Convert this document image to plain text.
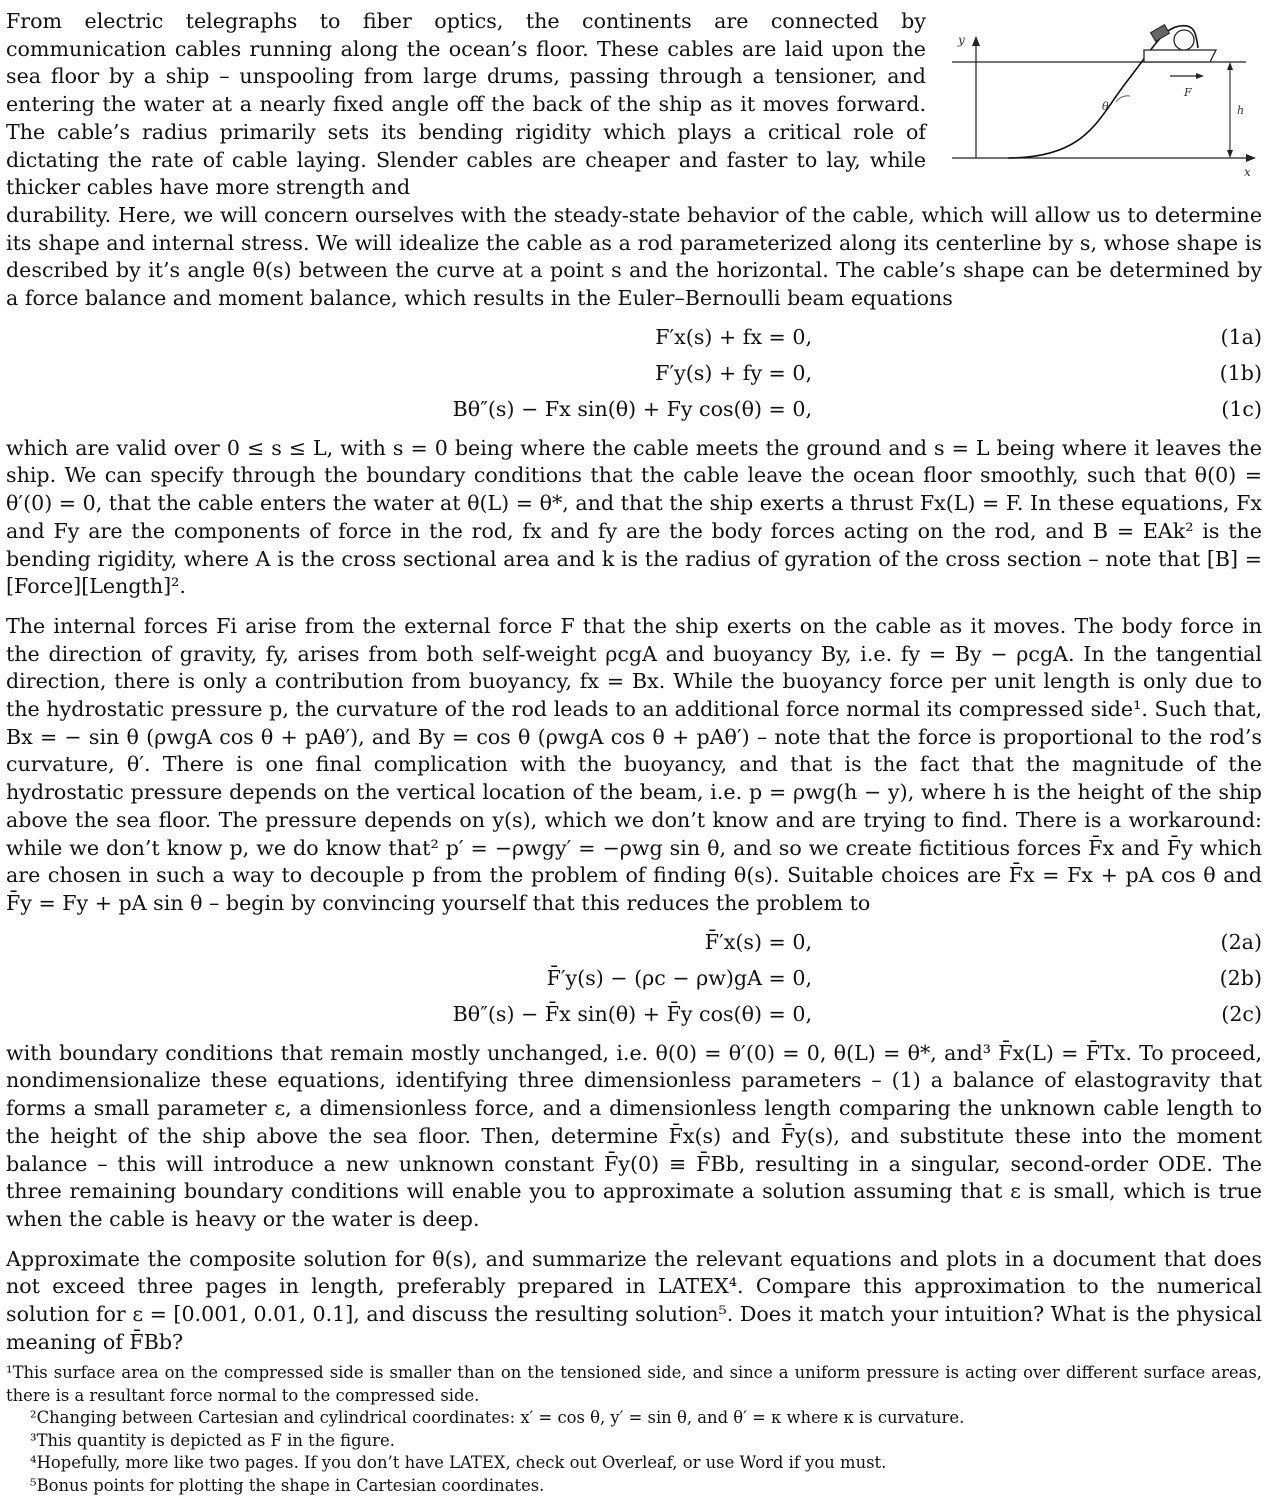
y
x
θ
F
h

From electric telegraphs to fiber optics, the continents are connected by communication cables running along the ocean’s floor. These cables are laid upon the sea floor by a ship – unspooling from large drums, passing through a tensioner, and entering the water at a nearly fixed angle off the back of the ship as it moves forward. The cable’s radius primarily sets its bending rigidity which plays a critical role of dictating the rate of cable laying. Slender cables are cheaper and faster to lay, while thicker cables have more strength and

durability. Here, we will concern ourselves with the steady-state behavior of the cable, which will allow us to determine its shape and internal stress. We will idealize the cable as a rod parameterized along its centerline by s, whose shape is described by it’s angle θ(s) between the curve at a point s and the horizontal. The cable’s shape can be determined by a force balance and moment balance, which results in the Euler–Bernoulli beam equations

F′x(s) + fx = 0,	(1a)
F′y(s) + fy = 0,	(1b)
Bθ″(s) − Fx sin(θ) + Fy cos(θ) = 0,	(1c)

which are valid over 0 ≤ s ≤ L, with s = 0 being where the cable meets the ground and s = L being where it leaves the ship. We can specify through the boundary conditions that the cable leave the ocean floor smoothly, such that θ(0) = θ′(0) = 0, that the cable enters the water at θ(L) = θ*, and that the ship exerts a thrust Fx(L) = F. In these equations, Fx and Fy are the components of force in the rod, fx and fy are the body forces acting on the rod, and B = EAk² is the bending rigidity, where A is the cross sectional area and k is the radius of gyration of the cross section – note that [B] = [Force][Length]².

The internal forces Fi arise from the external force F that the ship exerts on the cable as it moves. The body force in the direction of gravity, fy, arises from both self-weight ρcgA and buoyancy By, i.e. fy = By − ρcgA. In the tangential direction, there is only a contribution from buoyancy, fx = Bx. While the buoyancy force per unit length is only due to the hydrostatic pressure p, the curvature of the rod leads to an additional force normal its compressed side¹. Such that, Bx = − sin θ (ρwgA cos θ + pAθ′), and By = cos θ (ρwgA cos θ + pAθ′) – note that the force is proportional to the rod’s curvature, θ′. There is one final complication with the buoyancy, and that is the fact that the magnitude of the hydrostatic pressure depends on the vertical location of the beam, i.e. p = ρwg(h − y), where h is the height of the ship above the sea floor. The pressure depends on y(s), which we don’t know and are trying to find. There is a workaround: while we don’t know p, we do know that² p′ = −ρwgy′ = −ρwg sin θ, and so we create fictitious forces F̄x and F̄y which are chosen in such a way to decouple p from the problem of finding θ(s). Suitable choices are F̄x = Fx + pA cos θ and F̄y = Fy + pA sin θ – begin by convincing yourself that this reduces the problem to

F̄′x(s) = 0,	(2a)
F̄′y(s) − (ρc − ρw)gA = 0,	(2b)
Bθ″(s) − F̄x sin(θ) + F̄y cos(θ) = 0,	(2c)

with boundary conditions that remain mostly unchanged, i.e. θ(0) = θ′(0) = 0, θ(L) = θ*, and³ F̄x(L) = F̄Tx. To proceed, nondimensionalize these equations, identifying three dimensionless parameters – (1) a balance of elastogravity that forms a small parameter ε, a dimensionless force, and a dimensionless length comparing the unknown cable length to the height of the ship above the sea floor. Then, determine F̄x(s) and F̄y(s), and substitute these into the moment balance – this will introduce a new unknown constant F̄y(0) ≡ F̄Bb, resulting in a singular, second-order ODE. The three remaining boundary conditions will enable you to approximate a solution assuming that ε is small, which is true when the cable is heavy or the water is deep.

Approximate the composite solution for θ(s), and summarize the relevant equations and plots in a document that does not exceed three pages in length, preferably prepared in LATEX⁴. Compare this approximation to the numerical solution for ε = [0.001, 0.01, 0.1], and discuss the resulting solution⁵. Does it match your intuition? What is the physical meaning of F̄Bb?

¹This surface area on the compressed side is smaller than on the tensioned side, and since a uniform pressure is acting over different surface areas, there is a resultant force normal to the compressed side.

²Changing between Cartesian and cylindrical coordinates: x′ = cos θ, y′ = sin θ, and θ′ = κ where κ is curvature.

³This quantity is depicted as F in the figure.

⁴Hopefully, more like two pages. If you don’t have LATEX, check out Overleaf, or use Word if you must.

⁵Bonus points for plotting the shape in Cartesian coordinates.
